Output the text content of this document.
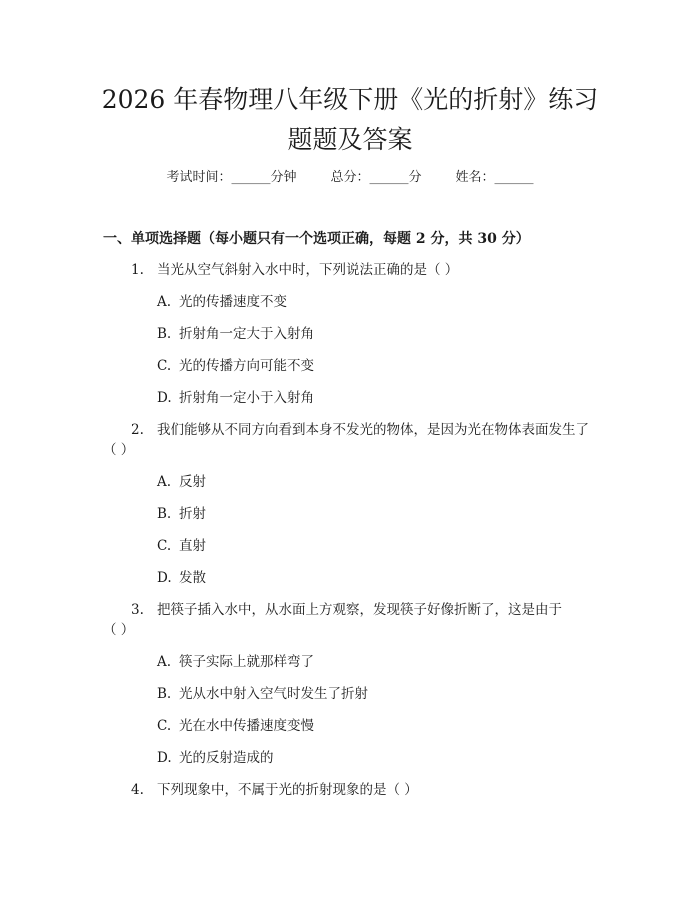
2026 年春物理八年级下册《光的折射》练习
题题及答案
考试时间：______分钟	总分：______分	姓名：______
一、单项选择题（每小题只有一个选项正确，每题 2 分，共 30 分）
1. 当光从空气斜射入水中时，下列说法正确的是（ ）
A. 光的传播速度不变
B. 折射角一定大于入射角
C. 光的传播方向可能不变
D. 折射角一定小于入射角
2. 我们能够从不同方向看到本身不发光的物体，是因为光在物体表面发生了
（ ）
A. 反射
B. 折射
C. 直射
D. 发散
3. 把筷子插入水中，从水面上方观察，发现筷子好像折断了，这是由于
（ ）
A. 筷子实际上就那样弯了
B. 光从水中射入空气时发生了折射
C. 光在水中传播速度变慢
D. 光的反射造成的
4. 下列现象中，不属于光的折射现象的是（ ）
